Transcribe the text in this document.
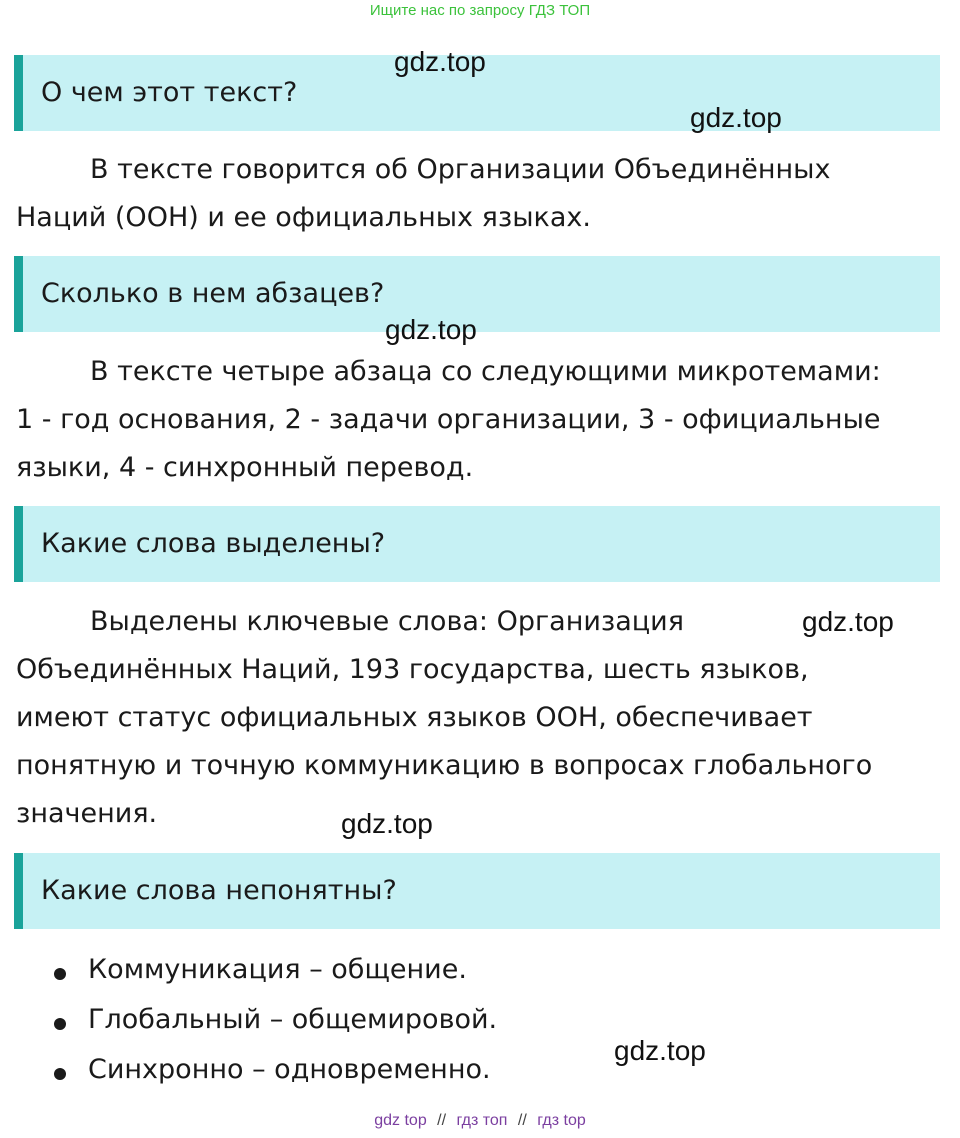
Ищите нас по запросу ГДЗ ТОП
О чем этот текст?
gdz.top
gdz.top
В тексте говорится об Организации Объединённых
Наций (ООН) и ее официальных языках.
Сколько в нем абзацев?
gdz.top
В тексте четыре абзаца со следующими микротемами:
1 - год основания, 2 - задачи организации, 3 - официальные
языки, 4 - синхронный перевод.
Какие слова выделены?
Выделены ключевые слова: Организация
Объединённых Наций, 193 государства, шесть языков,
имеют статус официальных языков ООН, обеспечивает
понятную и точную коммуникацию в вопросах глобального
значения.
gdz.top
gdz.top
Какие слова непонятны?
Коммуникация – общение.
Глобальный – общемировой.
Синхронно – одновременно.
gdz.top
gdz top // гдз топ // гдз top
